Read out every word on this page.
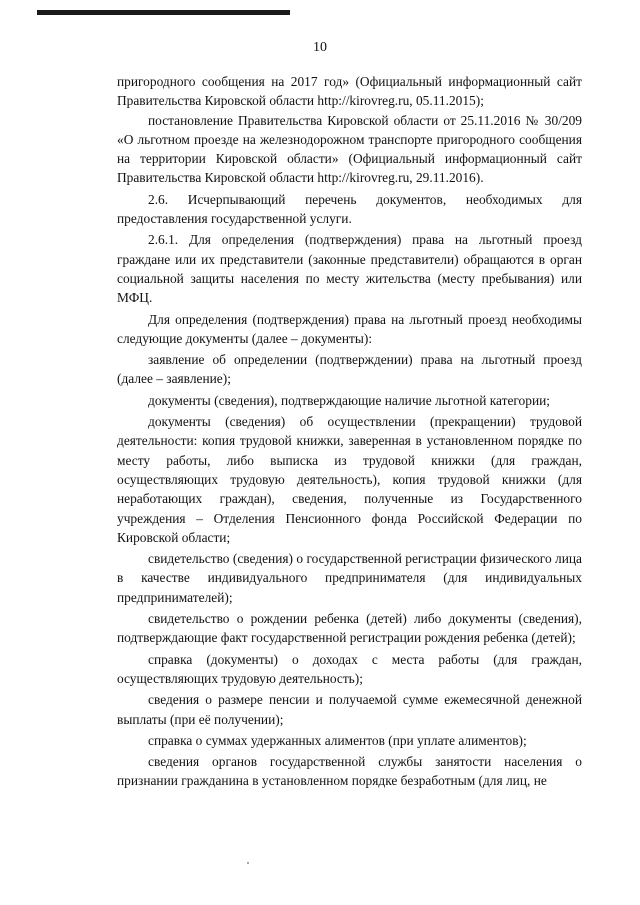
10

пригородного сообщения на 2017 год» (Официальный информационный сайт Правительства Кировской области http://kirovreg.ru, 05.11.2015);

постановление Правительства Кировской области от 25.11.2016 № 30/209 «О льготном проезде на железнодорожном транспорте пригородного сообщения на территории Кировской области» (Официальный информационный сайт Правительства Кировской области http://kirovreg.ru, 29.11.2016).

2.6. Исчерпывающий перечень документов, необходимых для предоставления государственной услуги.

2.6.1. Для определения (подтверждения) права на льготный проезд граждане или их представители (законные представители) обращаются в орган социальной защиты населения по месту жительства (месту пребывания) или МФЦ.

Для определения (подтверждения) права на льготный проезд необходимы следующие документы (далее – документы):

заявление об определении (подтверждении) права на льготный проезд (далее – заявление);

документы (сведения), подтверждающие наличие льготной категории;

документы (сведения) об осуществлении (прекращении) трудовой деятельности: копия трудовой книжки, заверенная в установленном порядке по месту работы, либо выписка из трудовой книжки (для граждан, осуществляющих трудовую деятельность), копия трудовой книжки (для неработающих граждан), сведения, полученные из Государственного учреждения – Отделения Пенсионного фонда Российской Федерации по Кировской области;

свидетельство (сведения) о государственной регистрации физического лица в качестве индивидуального предпринимателя (для индивидуальных предпринимателей);

свидетельство о рождении ребенка (детей) либо документы (сведения), подтверждающие факт государственной регистрации рождения ребенка (детей);

справка (документы) о доходах с места работы (для граждан, осуществляющих трудовую деятельность);

сведения о размере пенсии и получаемой сумме ежемесячной денежной выплаты (при её получении);

справка о суммах удержанных алиментов (при уплате алиментов);

сведения органов государственной службы занятости населения о признании гражданина в установленном порядке безработным (для лиц, не
